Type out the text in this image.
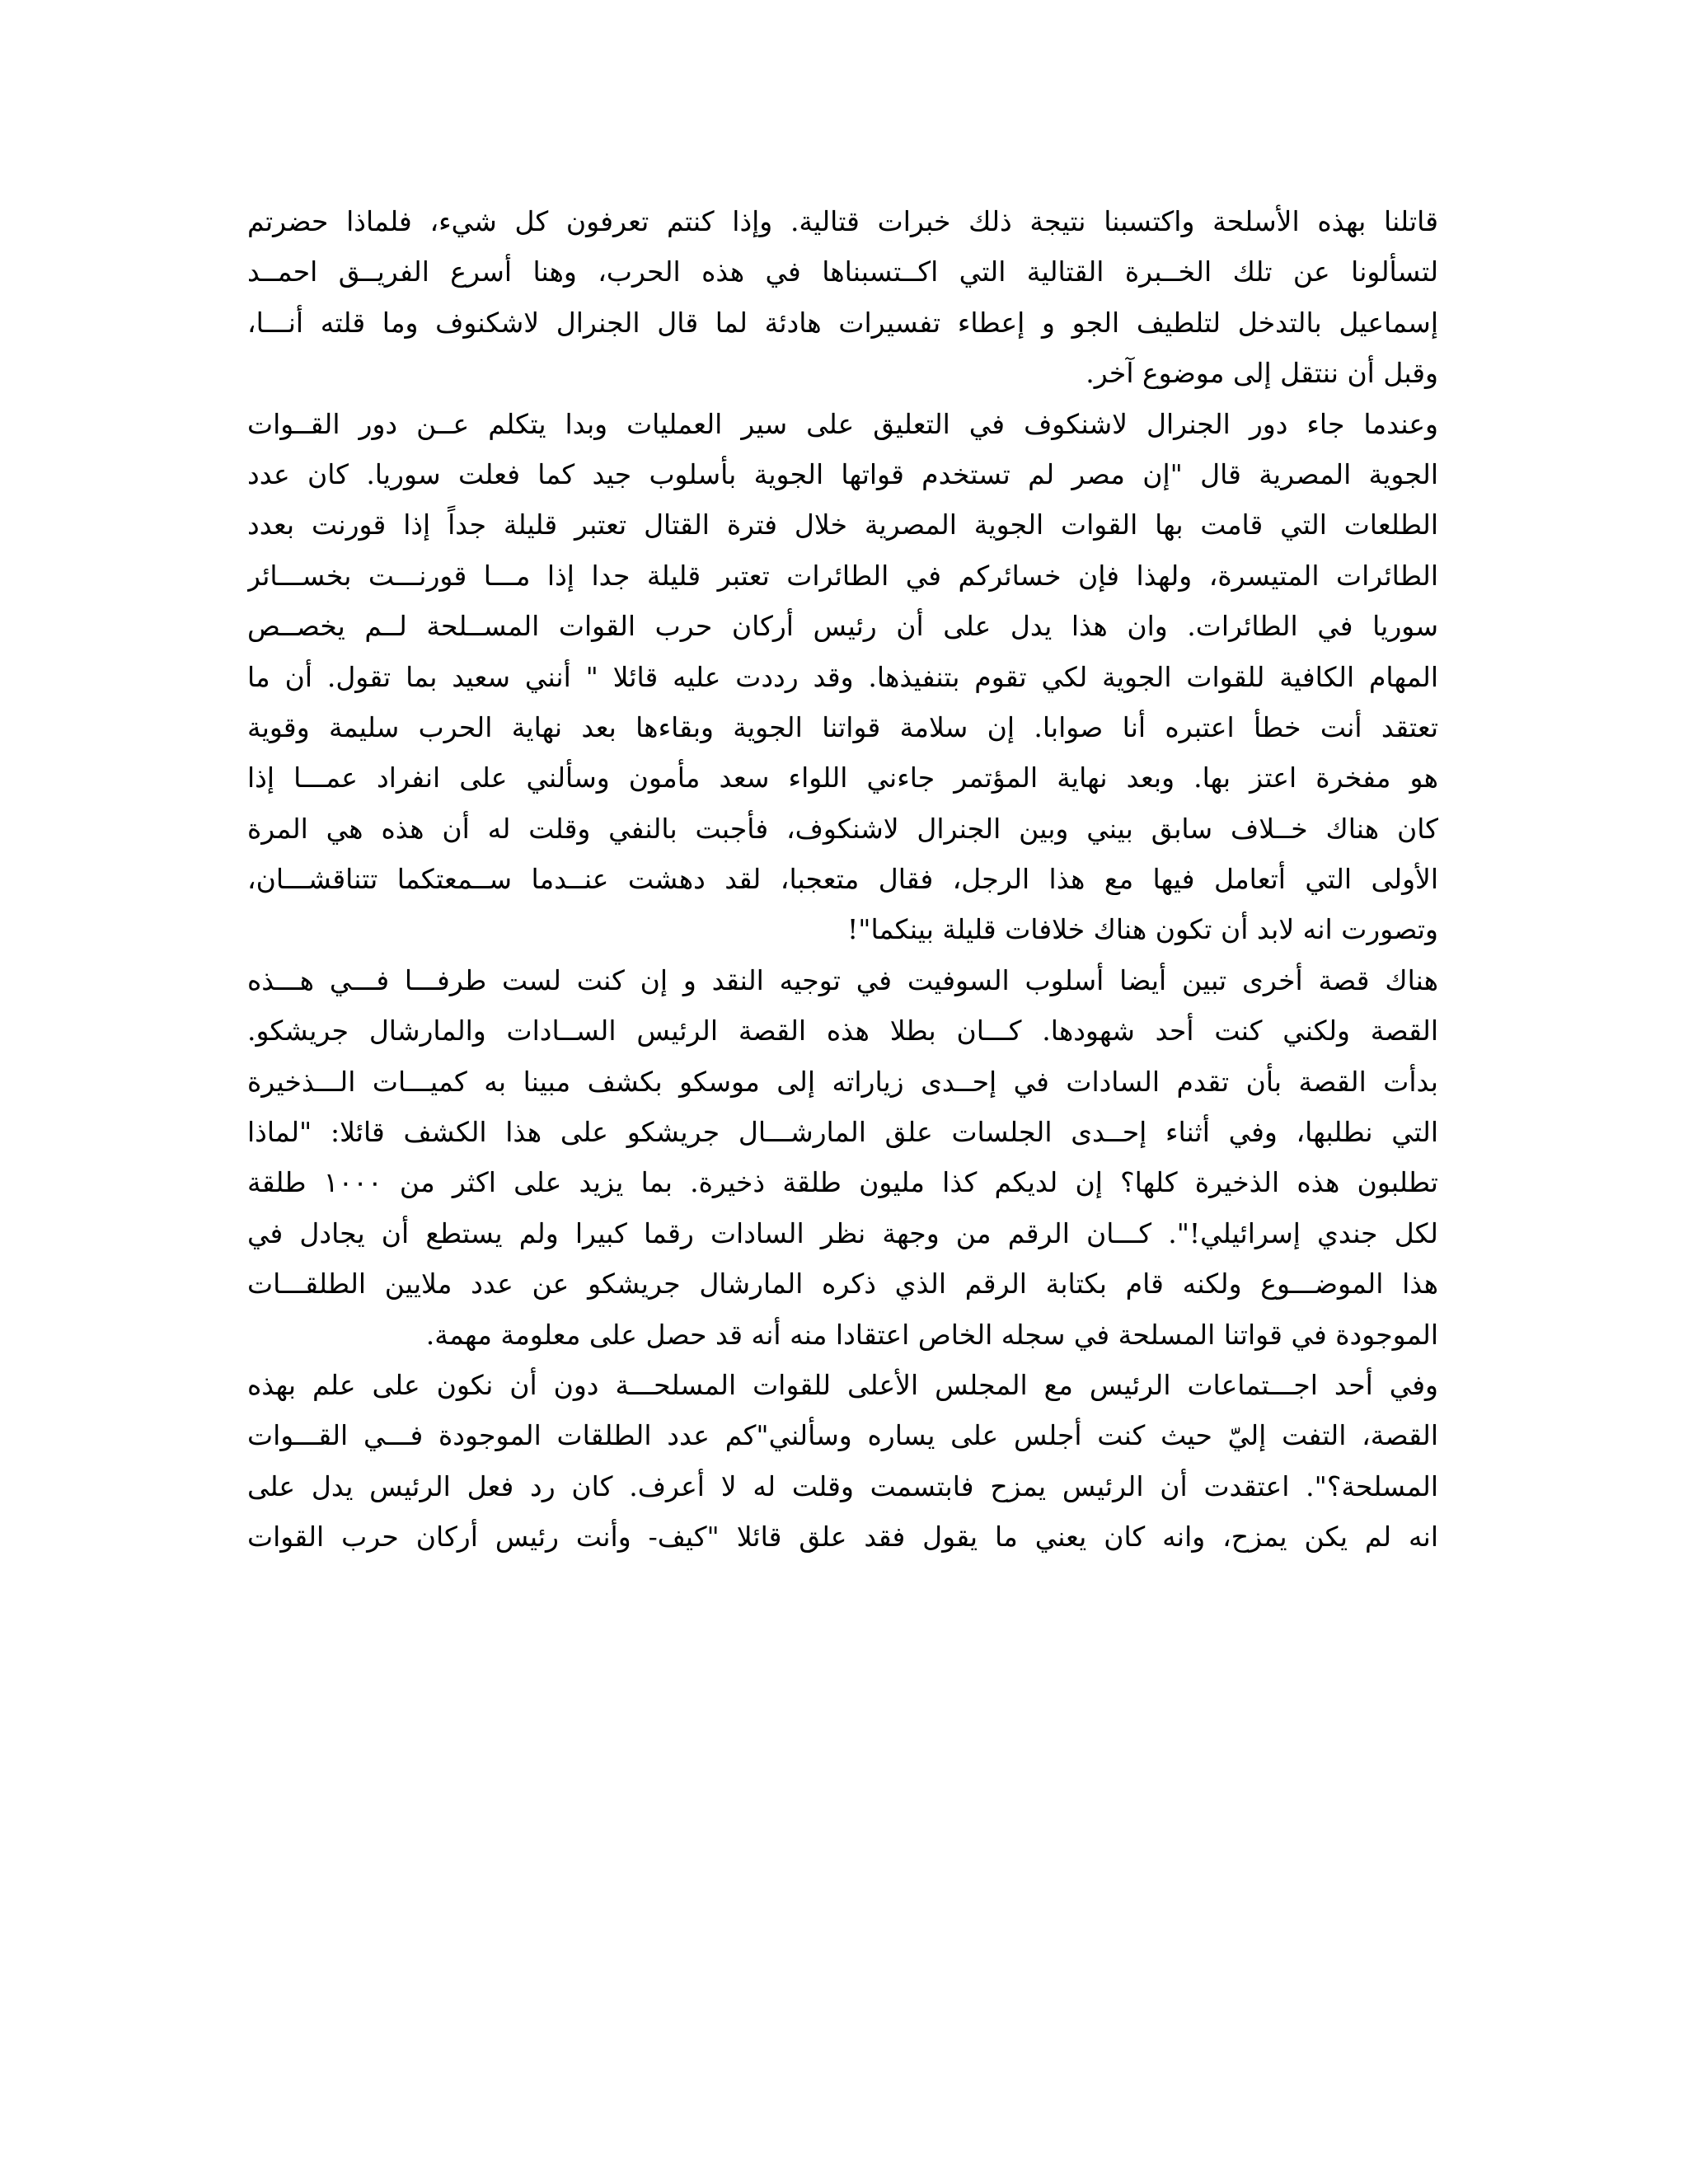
قاتلنا بهذه الأسلحة واكتسبنا نتيجة ذلك خبرات قتالية. وإذا كنتم تعرفون كل شيء، فلماذا حضرتم
لتسألونا عن تلك الخــبرة القتالية التي اكــتسبناها في هذه الحرب، وهنا أسرع الفريــق احمــد
إسماعيل بالتدخل لتلطيف الجو و إعطاء تفسيرات هادئة لما قال الجنرال لاشكنوف وما قلته أنـــا،
وقبل أن ننتقل إلى موضوع آخر.
وعندما جاء دور الجنرال لاشنكوف في التعليق على سير العمليات وبدا يتكلم عــن دور القــوات
الجوية المصرية قال "إن مصر لم تستخدم قواتها الجوية بأسلوب جيد كما فعلت سوريا. كان عدد
الطلعات التي قامت بها القوات الجوية المصرية خلال فترة القتال تعتبر قليلة جداً إذا قورنت بعدد
الطائرات المتيسرة، ولهذا فإن خسائركم في الطائرات تعتبر قليلة جدا إذا مـــا قورنـــت بخســـائر
سوريا في الطائرات. وان هذا يدل على أن رئيس أركان حرب القوات المســلحة لــم يخصــص
المهام الكافية للقوات الجوية لكي تقوم بتنفيذها. وقد رددت عليه قائلا " أنني سعيد بما تقول. أن ما
تعتقد أنت خطأ اعتبره أنا صوابا. إن سلامة قواتنا الجوية وبقاءها بعد نهاية الحرب سليمة وقوية
هو مفخرة اعتز بها. وبعد نهاية المؤتمر جاءني اللواء سعد مأمون وسألني على انفراد عمـــا إذا
كان هناك خــلاف سابق بيني وبين الجنرال لاشنكوف، فأجبت بالنفي وقلت له أن هذه هي المرة
الأولى التي أتعامل فيها مع هذا الرجل، فقال متعجبا، لقد دهشت عنــدما ســمعتكما تتناقشـــان،
وتصورت انه لابد أن تكون هناك خلافات قليلة بينكما"!
هناك قصة أخرى تبين أيضا أسلوب السوفيت في توجيه النقد و إن كنت لست طرفـــا فـــي هـــذه
القصة ولكني كنت أحد شهودها. كـــان بطلا هذه القصة الرئيس الســادات والمارشال جريشكو.
بدأت القصة بأن تقدم السادات في إحــدى زياراته إلى موسكو بكشف مبينا به كميـــات الـــذخيرة
التي نطلبها، وفي أثناء إحــدى الجلسات علق المارشـــال جريشكو على هذا الكشف قائلا: "لماذا
تطلبون هذه الذخيرة كلها؟ إن لديكم كذا مليون طلقة ذخيرة. بما يزيد على اكثر من ١٠٠٠ طلقة
لكل جندي إسرائيلي!". كـــان الرقم من وجهة نظر السادات رقما كبيرا ولم يستطع أن يجادل في
هذا الموضـــوع ولكنه قام بكتابة الرقم الذي ذكره المارشال جريشكو عن عدد ملايين الطلقـــات
الموجودة في قواتنا المسلحة في سجله الخاص اعتقادا منه أنه قد حصل على معلومة مهمة.
وفي أحد اجـــتماعات الرئيس مع المجلس الأعلى للقوات المسلحـــة دون أن نكون على علم بهذه
القصة، التفت إليّ حيث كنت أجلس على يساره وسألني"كم عدد الطلقات الموجودة فـــي القـــوات
المسلحة؟". اعتقدت أن الرئيس يمزح فابتسمت وقلت له لا أعرف. كان رد فعل الرئيس يدل على
انه لم يكن يمزح، وانه كان يعني ما يقول فقد علق قائلا "كيف- وأنت رئيس أركان حرب القوات
